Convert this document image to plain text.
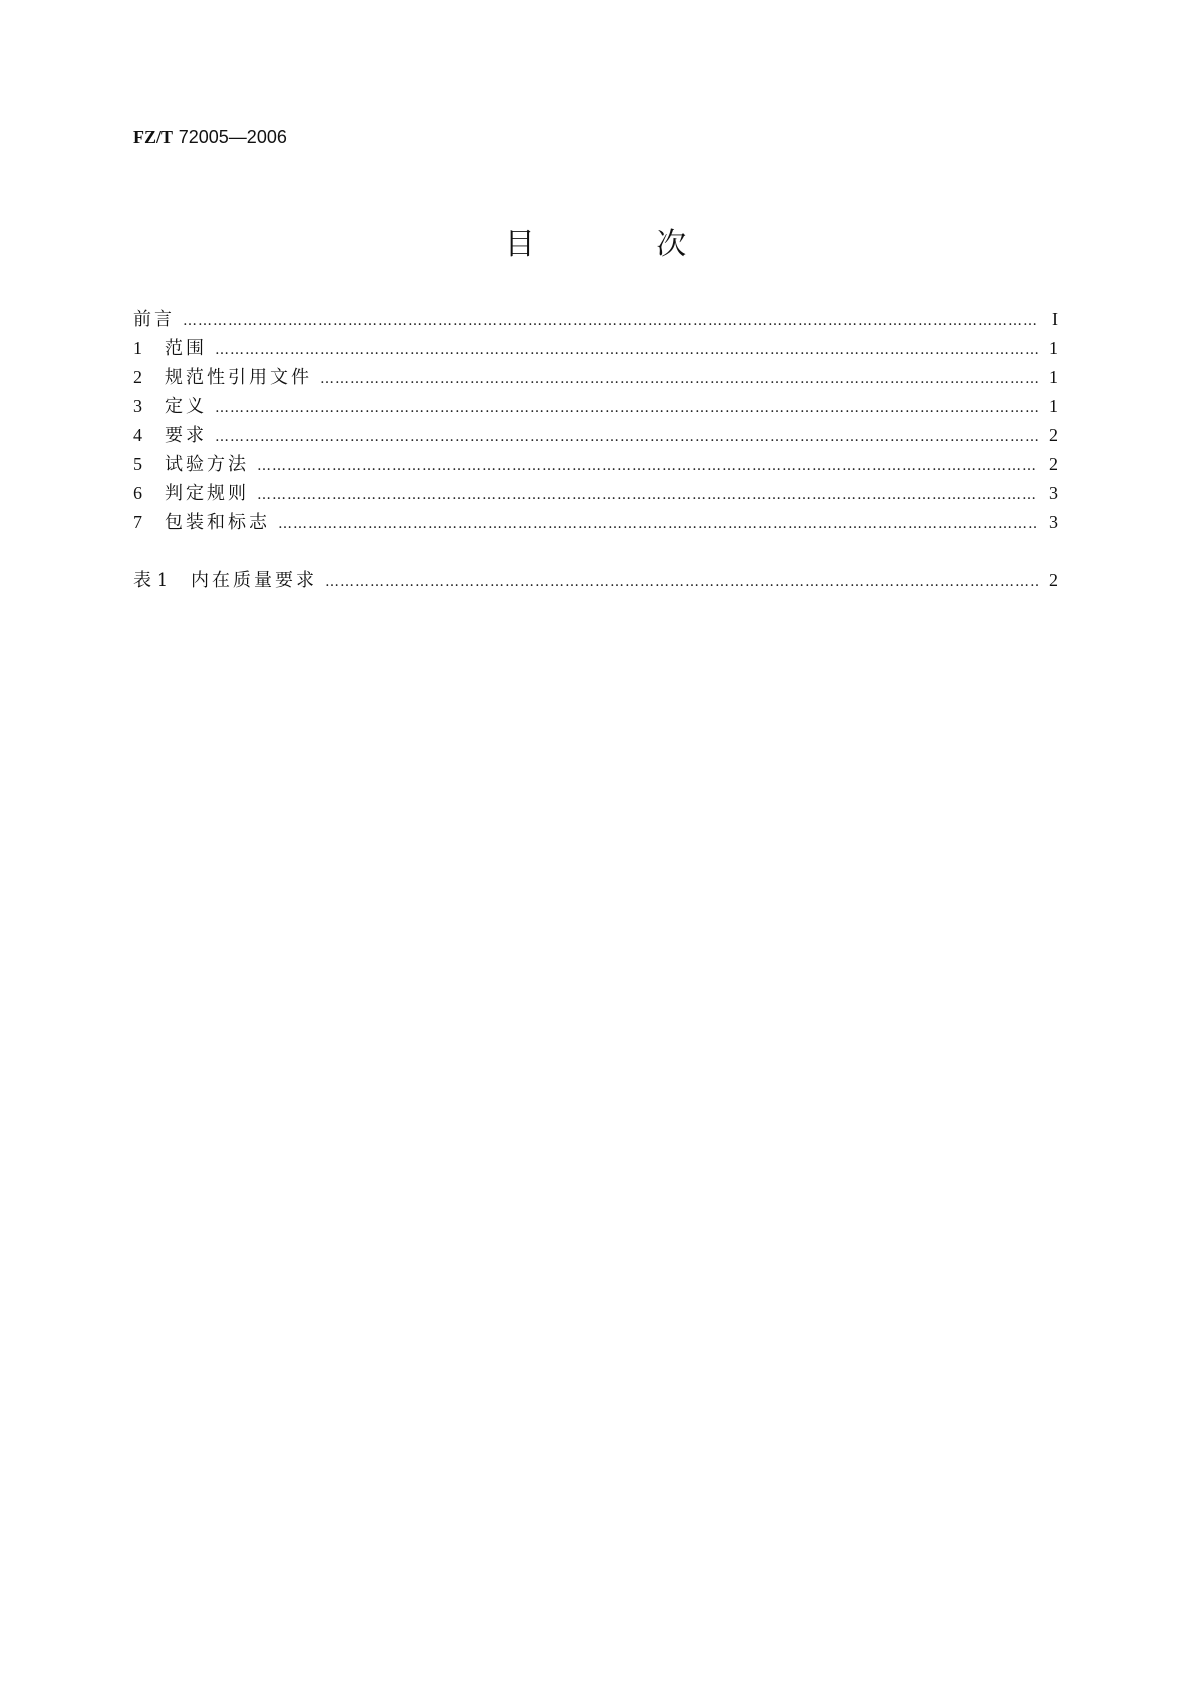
FZ/T 72005—2006
目 次
前言 …………………………………………………………………………………………………………………………………………………………………………………………………………………………………………	I
1	范围 …………………………………………………………………………………………………………………………………………………………………………………………………………………………………………	1
2	规范性引用文件 …………………………………………………………………………………………………………………………………………………………………………………………………………………………………………	1
3	定义 …………………………………………………………………………………………………………………………………………………………………………………………………………………………………………	1
4	要求 …………………………………………………………………………………………………………………………………………………………………………………………………………………………………………	2
5	试验方法 …………………………………………………………………………………………………………………………………………………………………………………………………………………………………………	2
6	判定规则 …………………………………………………………………………………………………………………………………………………………………………………………………………………………………………	3
7	包装和标志 …………………………………………………………………………………………………………………………………………………………………………………………………………………………………………	3
表 1	内在质量要求 …………………………………………………………………………………………………………………………………………………………………………………………………………………………………………	2
